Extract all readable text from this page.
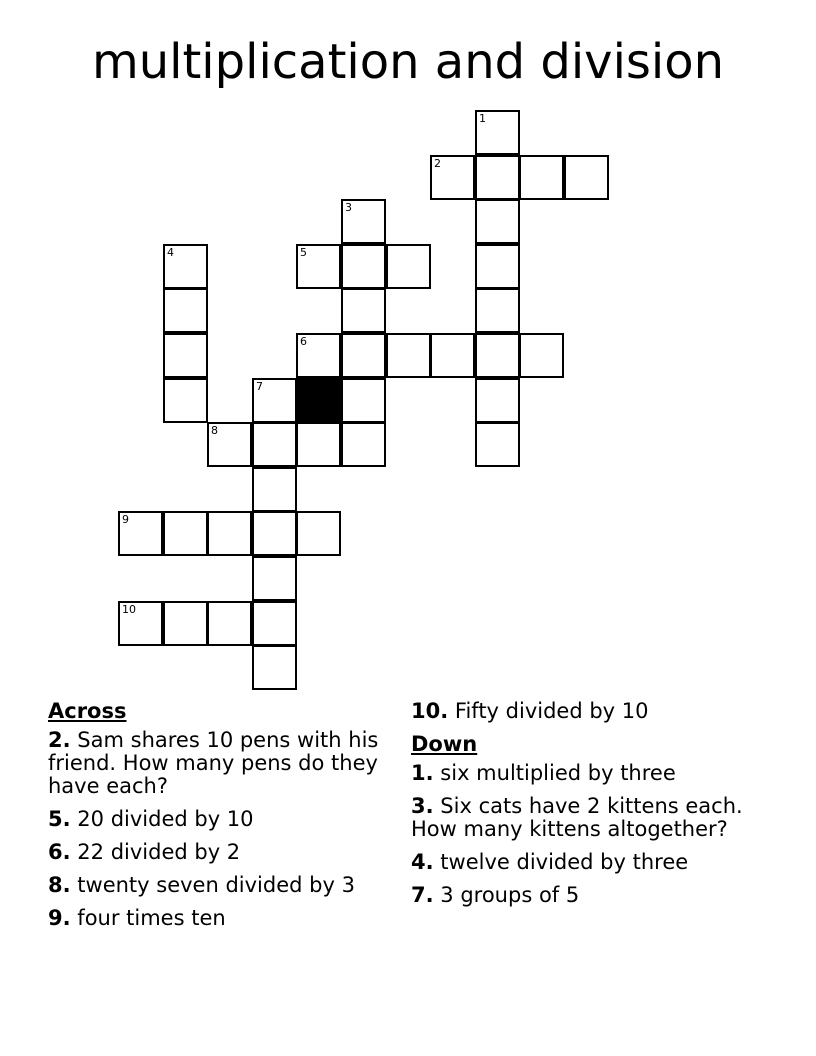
multiplication and division
1
2
3
4	5
6
7
8
9
10
Across
2. Sam shares 10 pens with his friend. How many pens do they have each?
5. 20 divided by 10
6. 22 divided by 2
8. twenty seven divided by 3
9. four times ten
10. Fifty divided by 10
Down
1. six multiplied by three
3. Six cats have 2 kittens each. How many kittens altogether?
4. twelve divided by three
7. 3 groups of 5
